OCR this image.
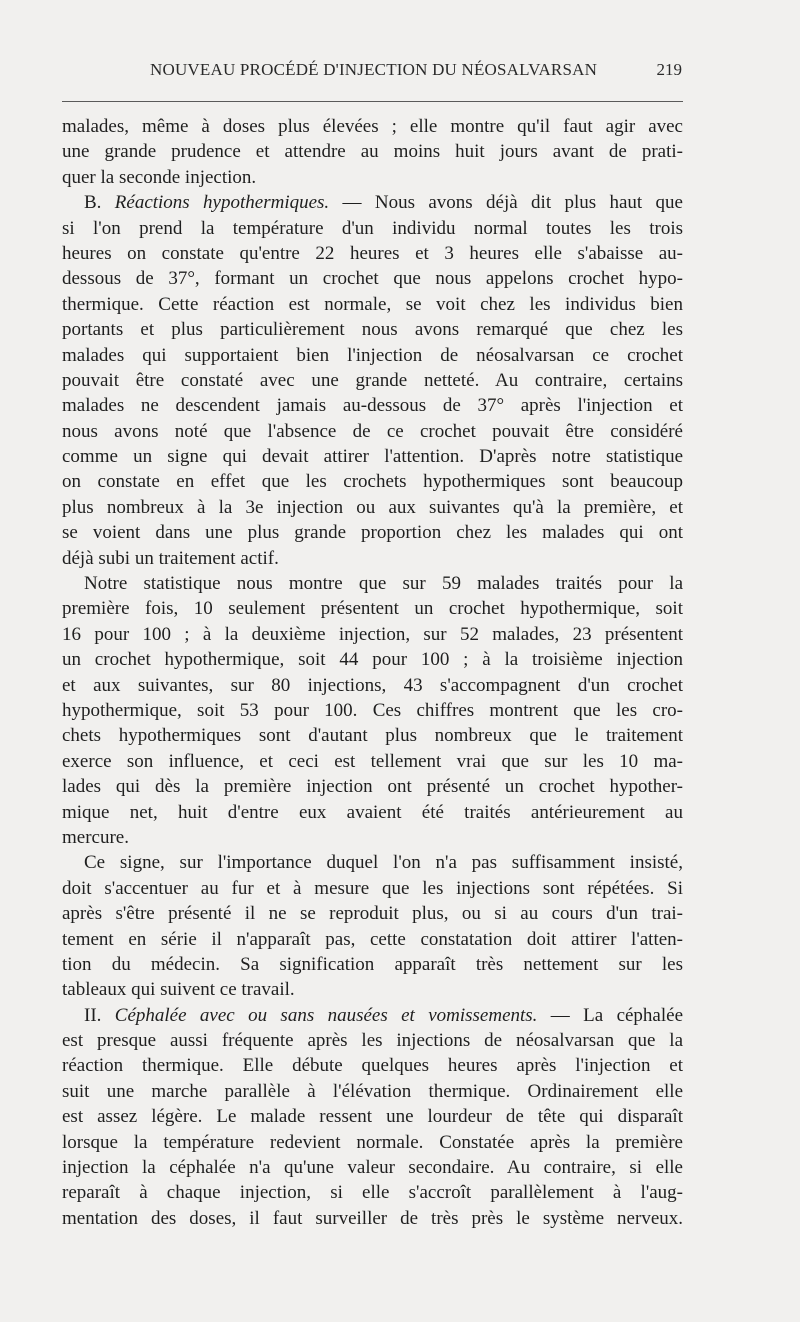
NOUVEAU PROCÉDÉ D'INJECTION DU NÉOSALVARSAN	219
malades, même à doses plus élevées ; elle montre qu'il faut agir avec
une grande prudence et attendre au moins huit jours avant de prati-
quer la seconde injection.
B. Réactions hypothermiques. — Nous avons déjà dit plus haut que
si l'on prend la température d'un individu normal toutes les trois
heures on constate qu'entre 22 heures et 3 heures elle s'abaisse au-
dessous de 37°, formant un crochet que nous appelons crochet hypo-
thermique. Cette réaction est normale, se voit chez les individus bien
portants et plus particulièrement nous avons remarqué que chez les
malades qui supportaient bien l'injection de néosalvarsan ce crochet
pouvait être constaté avec une grande netteté. Au contraire, certains
malades ne descendent jamais au-dessous de 37° après l'injection et
nous avons noté que l'absence de ce crochet pouvait être considéré
comme un signe qui devait attirer l'attention. D'après notre statistique
on constate en effet que les crochets hypothermiques sont beaucoup
plus nombreux à la 3e injection ou aux suivantes qu'à la première, et
se voient dans une plus grande proportion chez les malades qui ont
déjà subi un traitement actif.
Notre statistique nous montre que sur 59 malades traités pour la
première fois, 10 seulement présentent un crochet hypothermique, soit
16 pour 100 ; à la deuxième injection, sur 52 malades, 23 présentent
un crochet hypothermique, soit 44 pour 100 ; à la troisième injection
et aux suivantes, sur 80 injections, 43 s'accompagnent d'un crochet
hypothermique, soit 53 pour 100. Ces chiffres montrent que les cro-
chets hypothermiques sont d'autant plus nombreux que le traitement
exerce son influence, et ceci est tellement vrai que sur les 10 ma-
lades qui dès la première injection ont présenté un crochet hypother-
mique net, huit d'entre eux avaient été traités antérieurement au
mercure.
Ce signe, sur l'importance duquel l'on n'a pas suffisamment insisté,
doit s'accentuer au fur et à mesure que les injections sont répétées. Si
après s'être présenté il ne se reproduit plus, ou si au cours d'un trai-
tement en série il n'apparaît pas, cette constatation doit attirer l'atten-
tion du médecin. Sa signification apparaît très nettement sur les
tableaux qui suivent ce travail.
II. Céphalée avec ou sans nausées et vomissements. — La céphalée
est presque aussi fréquente après les injections de néosalvarsan que la
réaction thermique. Elle débute quelques heures après l'injection et
suit une marche parallèle à l'élévation thermique. Ordinairement elle
est assez légère. Le malade ressent une lourdeur de tête qui disparaît
lorsque la température redevient normale. Constatée après la première
injection la céphalée n'a qu'une valeur secondaire. Au contraire, si elle
reparaît à chaque injection, si elle s'accroît parallèlement à l'aug-
mentation des doses, il faut surveiller de très près le système nerveux.
